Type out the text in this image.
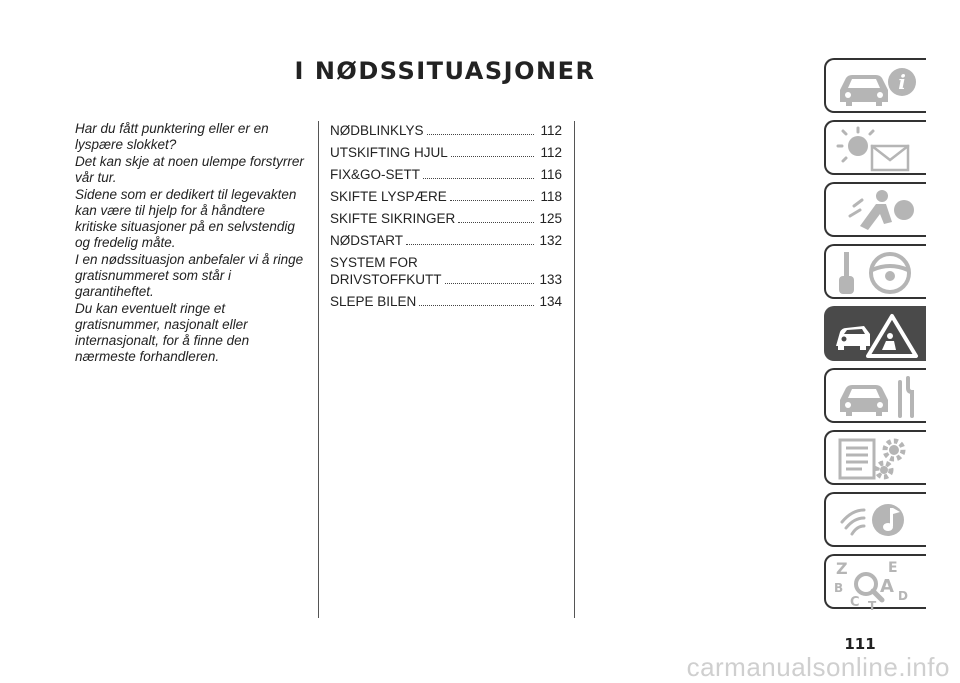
I NØDSSITUASJONER

Har du fått punktering eller er en lyspære slokket?

Det kan skje at noen ulempe forstyrrer vår tur.

Sidene som er dedikert til legevakten kan være til hjelp for å håndtere kritiske situasjoner på en selvstendig og fredelig måte.

I en nødssituasjon anbefaler vi å ringe gratisnummeret som står i garantiheftet.

Du kan eventuelt ringe et gratisnummer, nasjonalt eller internasjonalt, for å finne den nærmeste forhandleren.

NØDBLINKLYS	112
UTSKIFTING HJUL	112
FIX&GO-SETT	116
SKIFTE LYSPÆRE	118
SKIFTE SIKRINGER	125
NØDSTART	132
SYSTEM FOR
DRIVSTOFFKUTT	133
SLEPE BILEN	134
i
Z	E
B A
C	D
T
111
carmanualsonline.info
